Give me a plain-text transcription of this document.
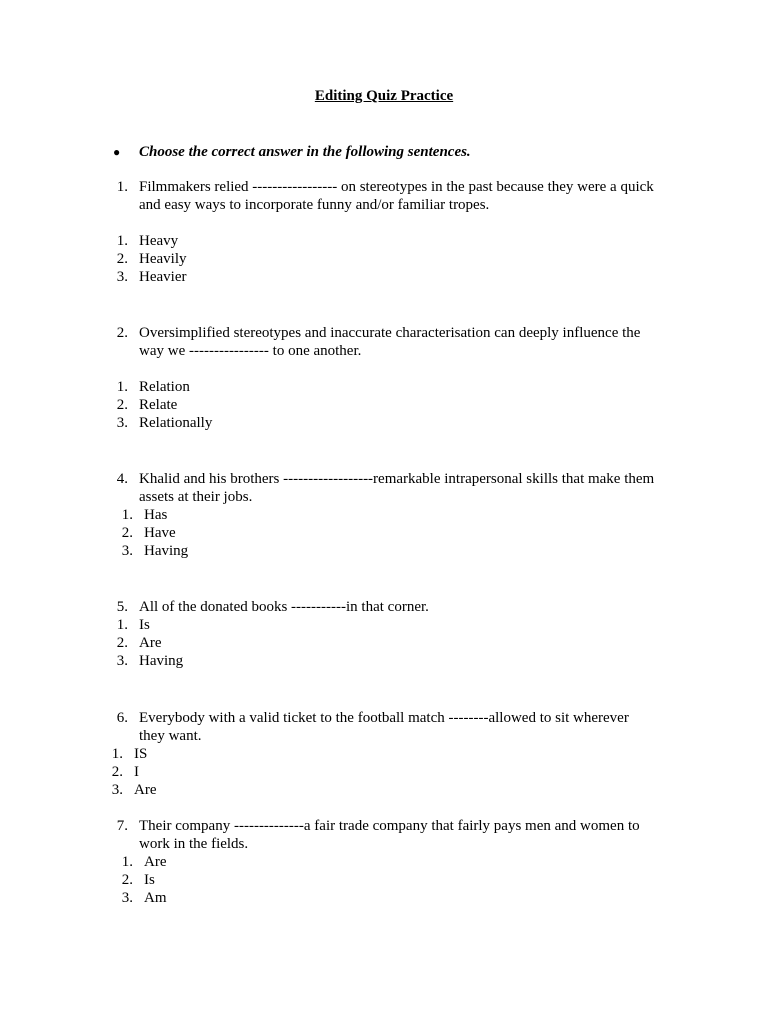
Editing Quiz Practice
● Choose the correct answer in the following sentences.
1. Filmmakers relied ----------------- on stereotypes in the past because they were a quick
and easy ways to incorporate funny and/or familiar tropes.
1. Heavy
2. Heavily
3. Heavier
2. Oversimplified stereotypes and inaccurate characterisation can deeply influence the
way we ---------------- to one another.
1. Relation
2. Relate
3. Relationally
4. Khalid and his brothers ------------------remarkable intrapersonal skills that make them
assets at their jobs.
1. Has
2. Have
3. Having
5. All of the donated books -----------in that corner.
1. Is
2. Are
3. Having
6. Everybody with a valid ticket to the football match --------allowed to sit wherever
they want.
1. IS
2. I
3. Are
7. Their company --------------a fair trade company that fairly pays men and women to
work in the fields.
1. Are
2. Is
3. Am
